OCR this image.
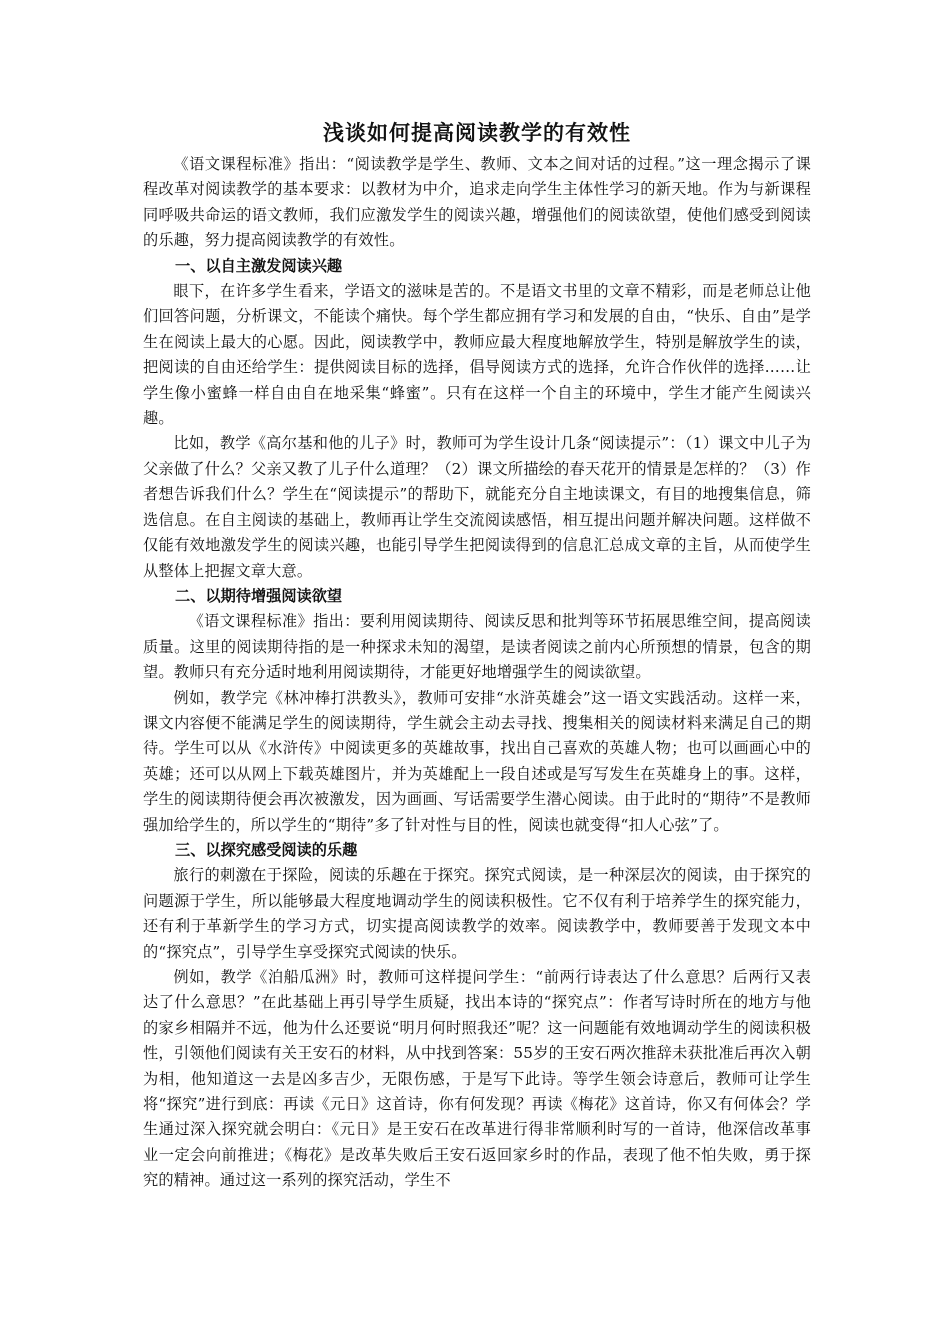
浅谈如何提高阅读教学的有效性

《语文课程标准》指出：“阅读教学是学生、教师、文本之间对话的过程。”这一理念揭示了课程改革对阅读教学的基本要求：以教材为中介，追求走向学生主体性学习的新天地。作为与新课程同呼吸共命运的语文教师，我们应激发学生的阅读兴趣，增强他们的阅读欲望，使他们感受到阅读的乐趣，努力提高阅读教学的有效性。

一、以自主激发阅读兴趣

眼下，在许多学生看来，学语文的滋味是苦的。不是语文书里的文章不精彩，而是老师总让他们回答问题，分析课文，不能读个痛快。每个学生都应拥有学习和发展的自由，“快乐、自由”是学生在阅读上最大的心愿。因此，阅读教学中，教师应最大程度地解放学生，特别是解放学生的读，把阅读的自由还给学生：提供阅读目标的选择，倡导阅读方式的选择，允许合作伙伴的选择……让学生像小蜜蜂一样自由自在地采集“蜂蜜”。只有在这样一个自主的环境中，学生才能产生阅读兴趣。

比如，教学《高尔基和他的儿子》时，教师可为学生设计几条“阅读提示”：（1）课文中儿子为父亲做了什么？父亲又教了儿子什么道理？（2）课文所描绘的春天花开的情景是怎样的？（3）作者想告诉我们什么？学生在“阅读提示”的帮助下，就能充分自主地读课文，有目的地搜集信息，筛选信息。在自主阅读的基础上，教师再让学生交流阅读感悟，相互提出问题并解决问题。这样做不仅能有效地激发学生的阅读兴趣，也能引导学生把阅读得到的信息汇总成文章的主旨，从而使学生从整体上把握文章大意。

二、以期待增强阅读欲望

《语文课程标准》指出：要利用阅读期待、阅读反思和批判等环节拓展思维空间，提高阅读质量。这里的阅读期待指的是一种探求未知的渴望，是读者阅读之前内心所预想的情景，包含的期望。教师只有充分适时地利用阅读期待，才能更好地增强学生的阅读欲望。

例如，教学完《林冲棒打洪教头》，教师可安排“水浒英雄会”这一语文实践活动。这样一来，课文内容便不能满足学生的阅读期待，学生就会主动去寻找、搜集相关的阅读材料来满足自己的期待。学生可以从《水浒传》中阅读更多的英雄故事，找出自己喜欢的英雄人物；也可以画画心中的英雄；还可以从网上下载英雄图片，并为英雄配上一段自述或是写写发生在英雄身上的事。这样，学生的阅读期待便会再次被激发，因为画画、写话需要学生潜心阅读。由于此时的“期待”不是教师强加给学生的，所以学生的“期待”多了针对性与目的性，阅读也就变得“扣人心弦”了。

三、以探究感受阅读的乐趣

旅行的刺激在于探险，阅读的乐趣在于探究。探究式阅读，是一种深层次的阅读，由于探究的问题源于学生，所以能够最大程度地调动学生的阅读积极性。它不仅有利于培养学生的探究能力，还有利于革新学生的学习方式，切实提高阅读教学的效率。阅读教学中，教师要善于发现文本中的“探究点”，引导学生享受探究式阅读的快乐。

例如，教学《泊船瓜洲》时，教师可这样提问学生：“前两行诗表达了什么意思？后两行又表达了什么意思？”在此基础上再引导学生质疑，找出本诗的“探究点”：作者写诗时所在的地方与他的家乡相隔并不远，他为什么还要说“明月何时照我还”呢？这一问题能有效地调动学生的阅读积极性，引领他们阅读有关王安石的材料，从中找到答案：55岁的王安石两次推辞未获批准后再次入朝为相，他知道这一去是凶多吉少，无限伤感，于是写下此诗。等学生领会诗意后，教师可让学生将“探究”进行到底：再读《元日》这首诗，你有何发现？再读《梅花》这首诗，你又有何体会？学生通过深入探究就会明白：《元日》是王安石在改革进行得非常顺利时写的一首诗，他深信改革事业一定会向前推进；《梅花》是改革失败后王安石返回家乡时的作品，表现了他不怕失败，勇于探究的精神。通过这一系列的探究活动，学生不
